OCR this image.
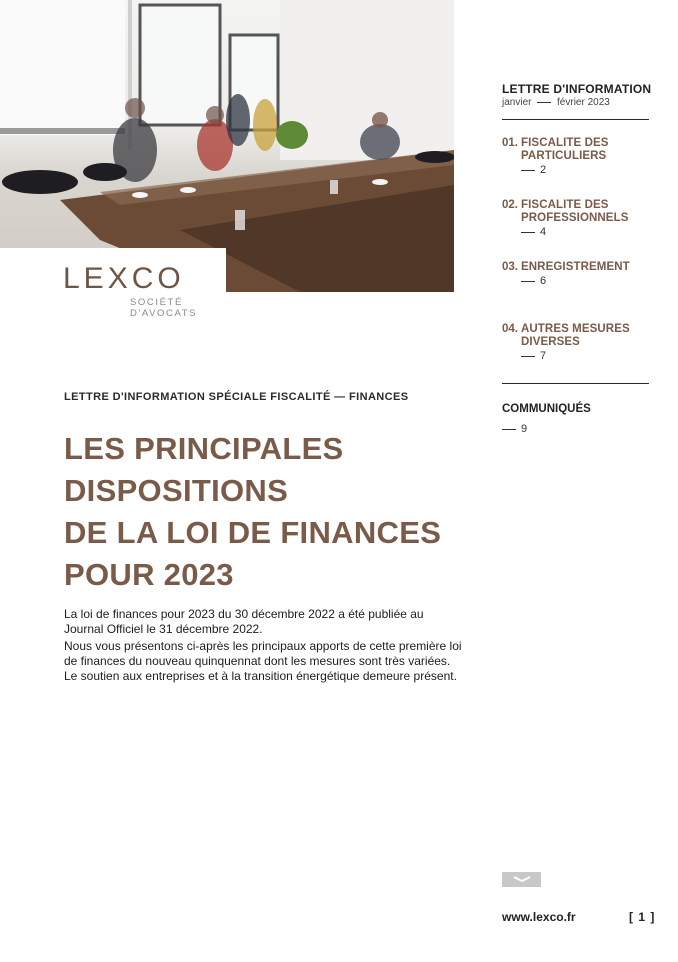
LEXCO
SOCIÉTÉ
D'AVOCATS
LETTRE D'INFORMATION SPÉCIALE FISCALITÉ — FINANCES
LES PRINCIPALES
DISPOSITIONS
DE LA LOI DE FINANCES
POUR 2023

La loi de finances pour 2023 du 30 décembre 2022 a été publiée au Journal Officiel le 31 décembre 2022.

Nous vous présentons ci-après les principaux apports de cette première loi de finances du nouveau quinquennat dont les mesures sont très variées. Le soutien aux entreprises et à la transition énergétique demeure présent.

LETTRE D'INFORMATION
janvier	février 2023
01. FISCALITE DES PARTICULIERS
2
02. FISCALITE DES PROFESSIONNELS
4
03. ENREGISTREMENT
6
04. AUTRES MESURES DIVERSES
7
COMMUNIQUÉS
9
www.lexco.fr	[ 1 ]
